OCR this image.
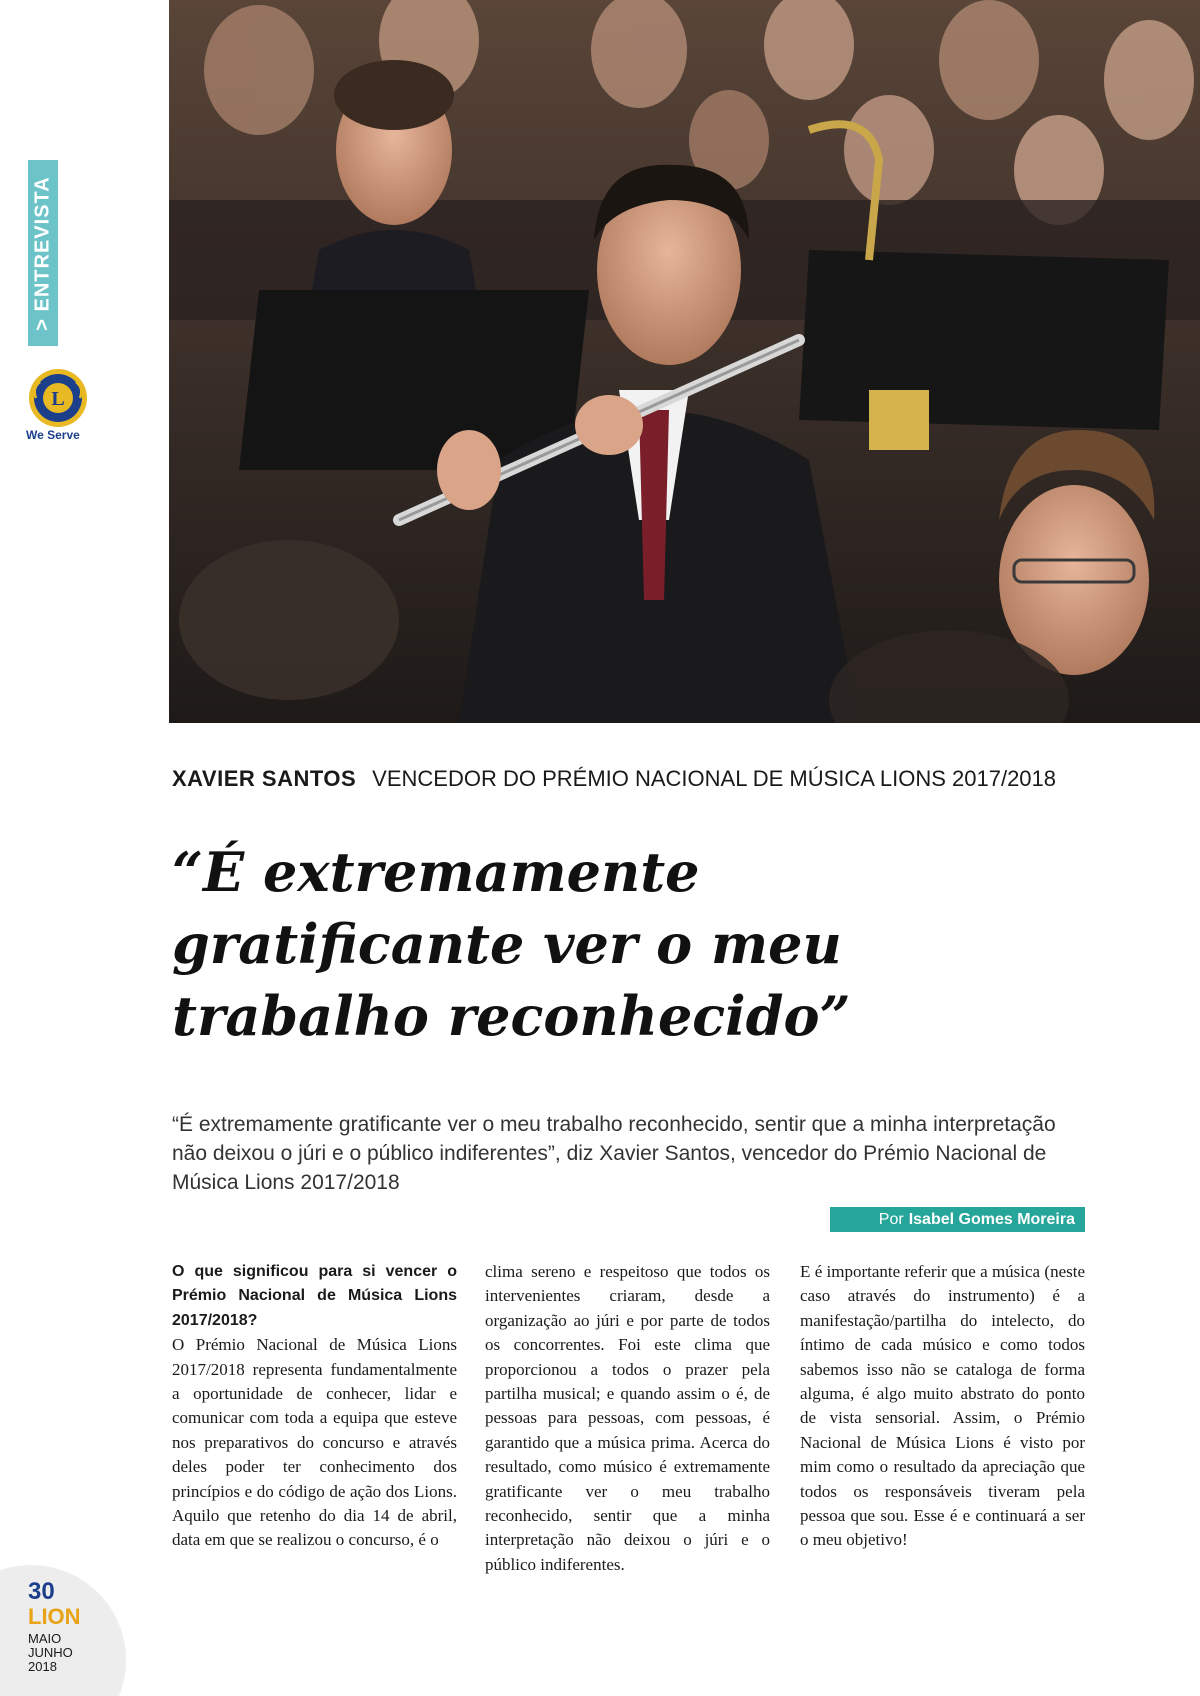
> ENTREVISTA
L
We Serve
XAVIER SANTOS VENCEDOR DO PRÉMIO NACIONAL DE MÚSICA LIONS 2017/2018
“É extremamente
gratificante ver o meu
trabalho reconhecido”
“É extremamente gratificante ver o meu trabalho reconhecido, sentir que a minha interpretação não deixou o júri e o público indiferentes”, diz Xavier Santos, vencedor do Prémio Nacional de Música Lions 2017/2018
Por Isabel Gomes Moreira
O que significou para si vencer o Prémio Nacional de Música Lions 2017/2018?
O Prémio Nacional de Música Lions 2017/2018 representa fundamentalmente a oportunidade de conhecer, lidar e comunicar com toda a equipa que esteve nos preparativos do concurso e através deles poder ter conhecimento dos princípios e do código de ação dos Lions. Aquilo que retenho do dia 14 de abril, data em que se realizou o concurso, é o
clima sereno e respeitoso que todos os intervenientes criaram, desde a organização ao júri e por parte de todos os concorrentes. Foi este clima que proporcionou a todos o prazer pela partilha musical; e quando assim o é, de pessoas para pessoas, com pessoas, é garantido que a música prima. Acerca do resultado, como músico é extremamente gratificante ver o meu trabalho reconhecido, sentir que a minha interpretação não deixou o júri e o público indiferentes.
E é importante referir que a música (neste caso através do instrumento) é a manifestação/partilha do intelecto, do íntimo de cada músico e como todos sabemos isso não se cataloga de forma alguma, é algo muito abstrato do ponto de vista sensorial. Assim, o Prémio Nacional de Música Lions é visto por mim como o resultado da apreciação que todos os responsáveis tiveram pela pessoa que sou. Esse é e continuará a ser o meu objetivo!
30
LION
MAIO
JUNHO
2018
